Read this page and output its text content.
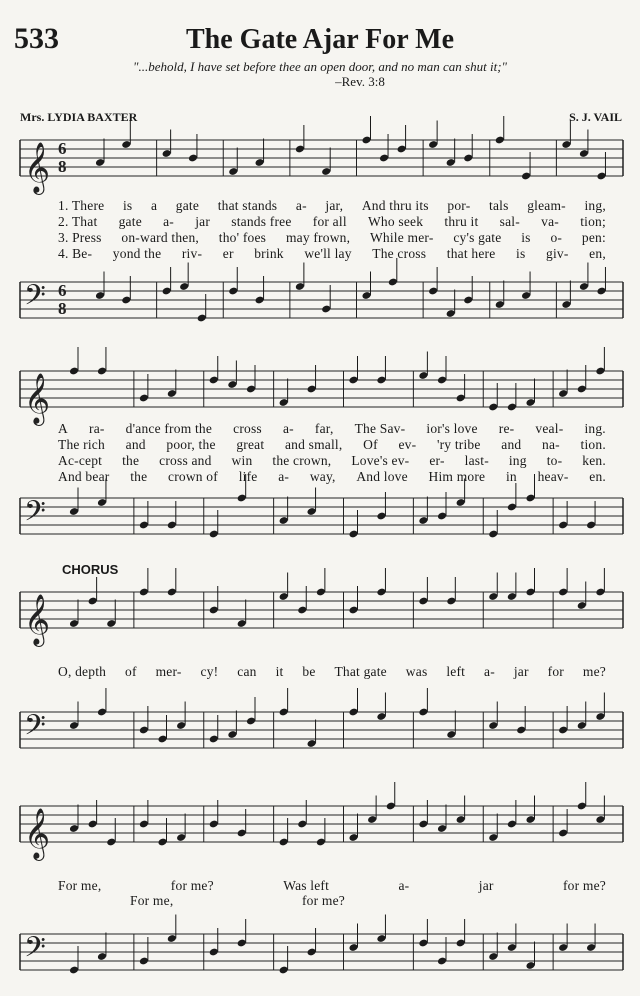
533	The Gate Ajar For Me
"...behold, I have set before thee an open door, and no man can shut it;"
–Rev. 3:8
Mrs. LYDIA BAXTER	S. J. VAIL
𝄞 6
8
1. There is a gate that stands a- jar, And thru its por- tals gleam- ing,
2. That gate a- jar stands free for all Who seek thru it sal- va- tion;
3. Press on-ward then, tho' foes may frown, While mer- cy's gate is o- pen:
4. Be- yond the riv- er brink we'll lay The cross that here is giv- en,
𝄢 6
8
𝄞
A ra- d'ance from the cross a- far, The Sav- ior's love re- veal- ing.
The rich and poor, the great and small, Of ev- 'ry tribe and na- tion.
Ac-cept the cross and win the crown, Love's ev- er- last- ing to- ken.
And bear the crown of life a- way, And love Him more in heav- en.
𝄢
CHORUS
𝄞
O, depth of mer- cy! can it be That gate was left a- jar for me?
𝄢
𝄞
For me,	for me?	Was left	a-	jar	for me?
For me,	for me?
𝄢
